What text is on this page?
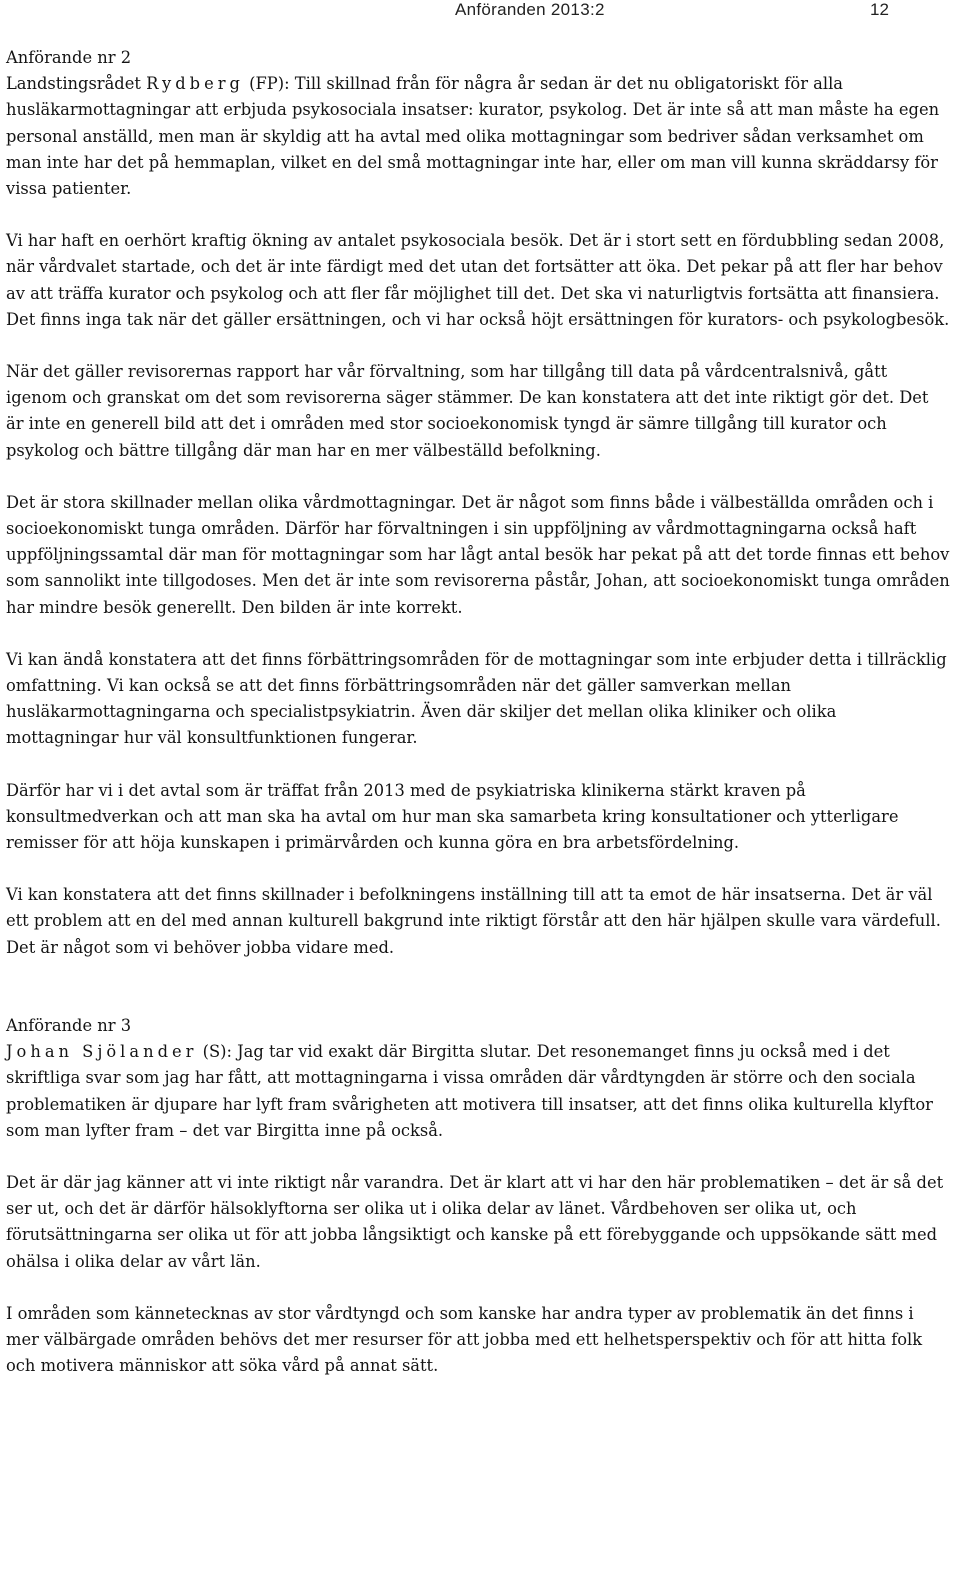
Anföranden 2013:2	12

Anförande nr 2

Landstingsrådet Rydberg (FP): Till skillnad från för några år sedan är det nu obligatoriskt för alla husläkarmottagningar att erbjuda psykosociala insatser: kurator, psykolog. Det är inte så att man måste ha egen personal anställd, men man är skyldig att ha avtal med olika mottagningar som bedriver sådan verksamhet om man inte har det på hemmaplan, vilket en del små mottagningar inte har, eller om man vill kunna skräddarsy för vissa patienter.

Vi har haft en oerhört kraftig ökning av antalet psykosociala besök. Det är i stort sett en fördubbling sedan 2008, när vårdvalet startade, och det är inte färdigt med det utan det fortsätter att öka. Det pekar på att fler har behov av att träffa kurator och psykolog och att fler får möjlighet till det. Det ska vi naturligtvis fortsätta att finansiera. Det finns inga tak när det gäller ersättningen, och vi har också höjt ersättningen för kurators- och psykologbesök.

När det gäller revisorernas rapport har vår förvaltning, som har tillgång till data på vårdcentralsnivå, gått igenom och granskat om det som revisorerna säger stämmer. De kan konstatera att det inte riktigt gör det. Det är inte en generell bild att det i områden med stor socioekonomisk tyngd är sämre tillgång till kurator och psykolog och bättre tillgång där man har en mer välbeställd befolkning.

Det är stora skillnader mellan olika vårdmottagningar. Det är något som finns både i välbeställda områden och i socioekonomiskt tunga områden. Därför har förvaltningen i sin uppföljning av vårdmottagningarna också haft uppföljningssamtal där man för mottagningar som har lågt antal besök har pekat på att det torde finnas ett behov som sannolikt inte tillgodoses. Men det är inte som revisorerna påstår, Johan, att socioekonomiskt tunga områden har mindre besök generellt. Den bilden är inte korrekt.

Vi kan ändå konstatera att det finns förbättringsområden för de mottagningar som inte erbjuder detta i tillräcklig omfattning. Vi kan också se att det finns förbättringsområden när det gäller samverkan mellan husläkarmottagningarna och specialistpsykiatrin. Även där skiljer det mellan olika kliniker och olika mottagningar hur väl konsultfunktionen fungerar.

Därför har vi i det avtal som är träffat från 2013 med de psykiatriska klinikerna stärkt kraven på konsultmedverkan och att man ska ha avtal om hur man ska samarbeta kring konsultationer och ytterligare remisser för att höja kunskapen i primärvården och kunna göra en bra arbetsfördelning.

Vi kan konstatera att det finns skillnader i befolkningens inställning till att ta emot de här insatserna. Det är väl ett problem att en del med annan kulturell bakgrund inte riktigt förstår att den här hjälpen skulle vara värdefull. Det är något som vi behöver jobba vidare med.

Anförande nr 3

Johan Sjölander (S): Jag tar vid exakt där Birgitta slutar. Det resonemanget finns ju också med i det skriftliga svar som jag har fått, att mottagningarna i vissa områden där vårdtyngden är större och den sociala problematiken är djupare har lyft fram svårigheten att motivera till insatser, att det finns olika kulturella klyftor som man lyfter fram – det var Birgitta inne på också.

Det är där jag känner att vi inte riktigt når varandra. Det är klart att vi har den här problematiken – det är så det ser ut, och det är därför hälsoklyftorna ser olika ut i olika delar av länet. Vårdbehoven ser olika ut, och förutsättningarna ser olika ut för att jobba långsiktigt och kanske på ett förebyggande och uppsökande sätt med ohälsa i olika delar av vårt län.

I områden som kännetecknas av stor vårdtyngd och som kanske har andra typer av problematik än det finns i mer välbärgade områden behövs det mer resurser för att jobba med ett helhetsperspektiv och för att hitta folk och motivera människor att söka vård på annat sätt.
